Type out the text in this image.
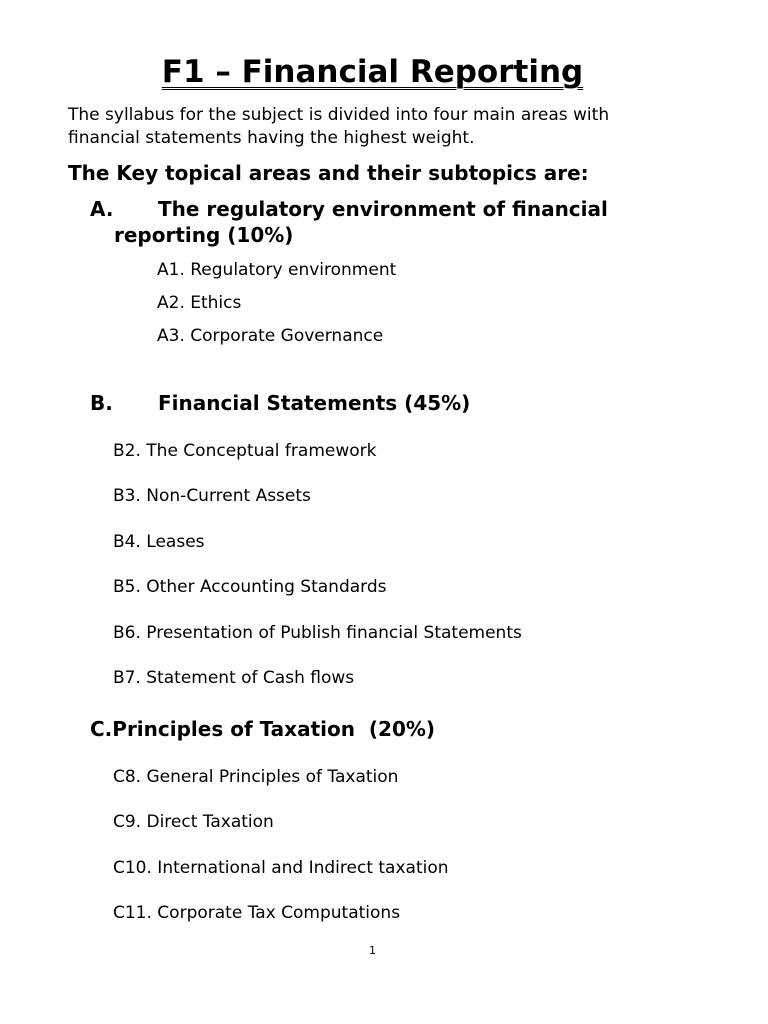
F1 – Financial Reporting
The syllabus for the subject is divided into four main areas with financial statements having the highest weight.
The Key topical areas and their subtopics are:
A. The regulatory environment of financial
reporting (10%)
A1. Regulatory environment
A2. Ethics
A3. Corporate Governance
B. Financial Statements (45%)
B2. The Conceptual framework
B3. Non-Current Assets
B4. Leases
B5. Other Accounting Standards
B6. Presentation of Publish financial Statements
B7. Statement of Cash flows
C.Principles of Taxation  (20%)
C8. General Principles of Taxation
C9. Direct Taxation
C10. International and Indirect taxation
C11. Corporate Tax Computations
1
